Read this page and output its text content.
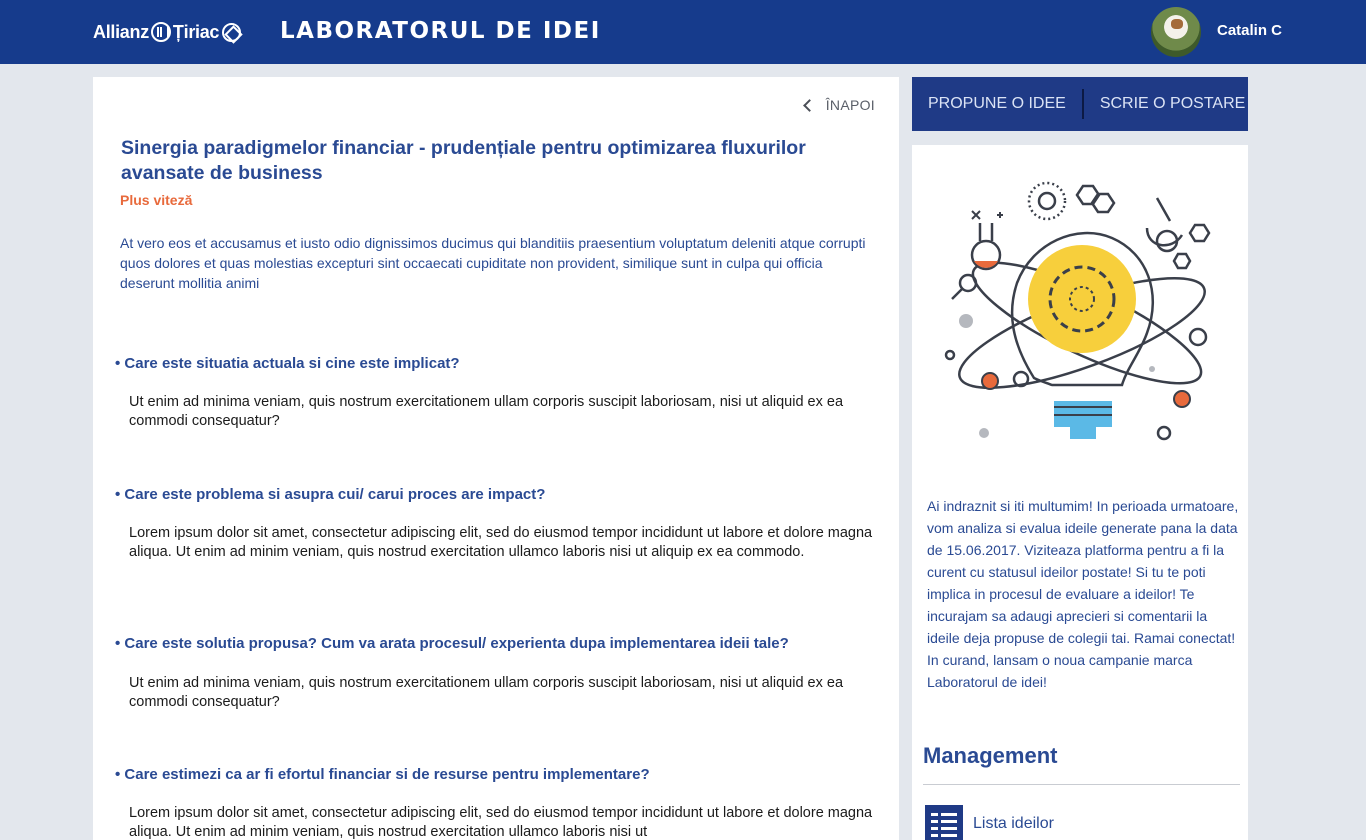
Allianz Țiriac	LABORATORUL DE IDEI	Catalin C
ÎNAPOI
Sinergia paradigmelor financiar - prudențiale pentru optimizarea fluxurilor avansate de business
Plus viteză

At vero eos et accusamus et iusto odio dignissimos ducimus qui blanditiis praesentium voluptatum deleniti atque corrupti quos dolores et quas molestias excepturi sint occaecati cupiditate non provident, similique sunt in culpa qui officia deserunt mollitia animi

• Care este situatia actuala si cine este implicat?

Ut enim ad minima veniam, quis nostrum exercitationem ullam corporis suscipit laboriosam, nisi ut aliquid ex ea commodi consequatur?

• Care este problema si asupra cui/ carui proces are impact?

Lorem ipsum dolor sit amet, consectetur adipiscing elit, sed do eiusmod tempor incididunt ut labore et dolore magna aliqua. Ut enim ad minim veniam, quis nostrud exercitation ullamco laboris nisi ut aliquip ex ea commodo.

• Care este solutia propusa? Cum va arata procesul/ experienta dupa implementarea ideii tale?

Ut enim ad minima veniam, quis nostrum exercitationem ullam corporis suscipit laboriosam, nisi ut aliquid ex ea commodi consequatur?

• Care estimezi ca ar fi efortul financiar si de resurse pentru implementare?

Lorem ipsum dolor sit amet, consectetur adipiscing elit, sed do eiusmod tempor incididunt ut labore et dolore magna aliqua. Ut enim ad minim veniam, quis nostrud exercitation ullamco laboris nisi ut

PROPUNE O IDEE SCRIE O POSTARE

Ai indraznit si iti multumim! In perioada urmatoare, vom analiza si evalua ideile generate pana la data de 15.06.2017. Viziteaza platforma pentru a fi la curent cu statusul ideilor postate! Si tu te poti implica in procesul de evaluare a ideilor! Te incurajam sa adaugi aprecieri si comentarii la ideile deja propuse de colegii tai. Ramai conectat! In curand, lansam o noua campanie marca Laboratorul de idei!

Management
Lista ideilor
